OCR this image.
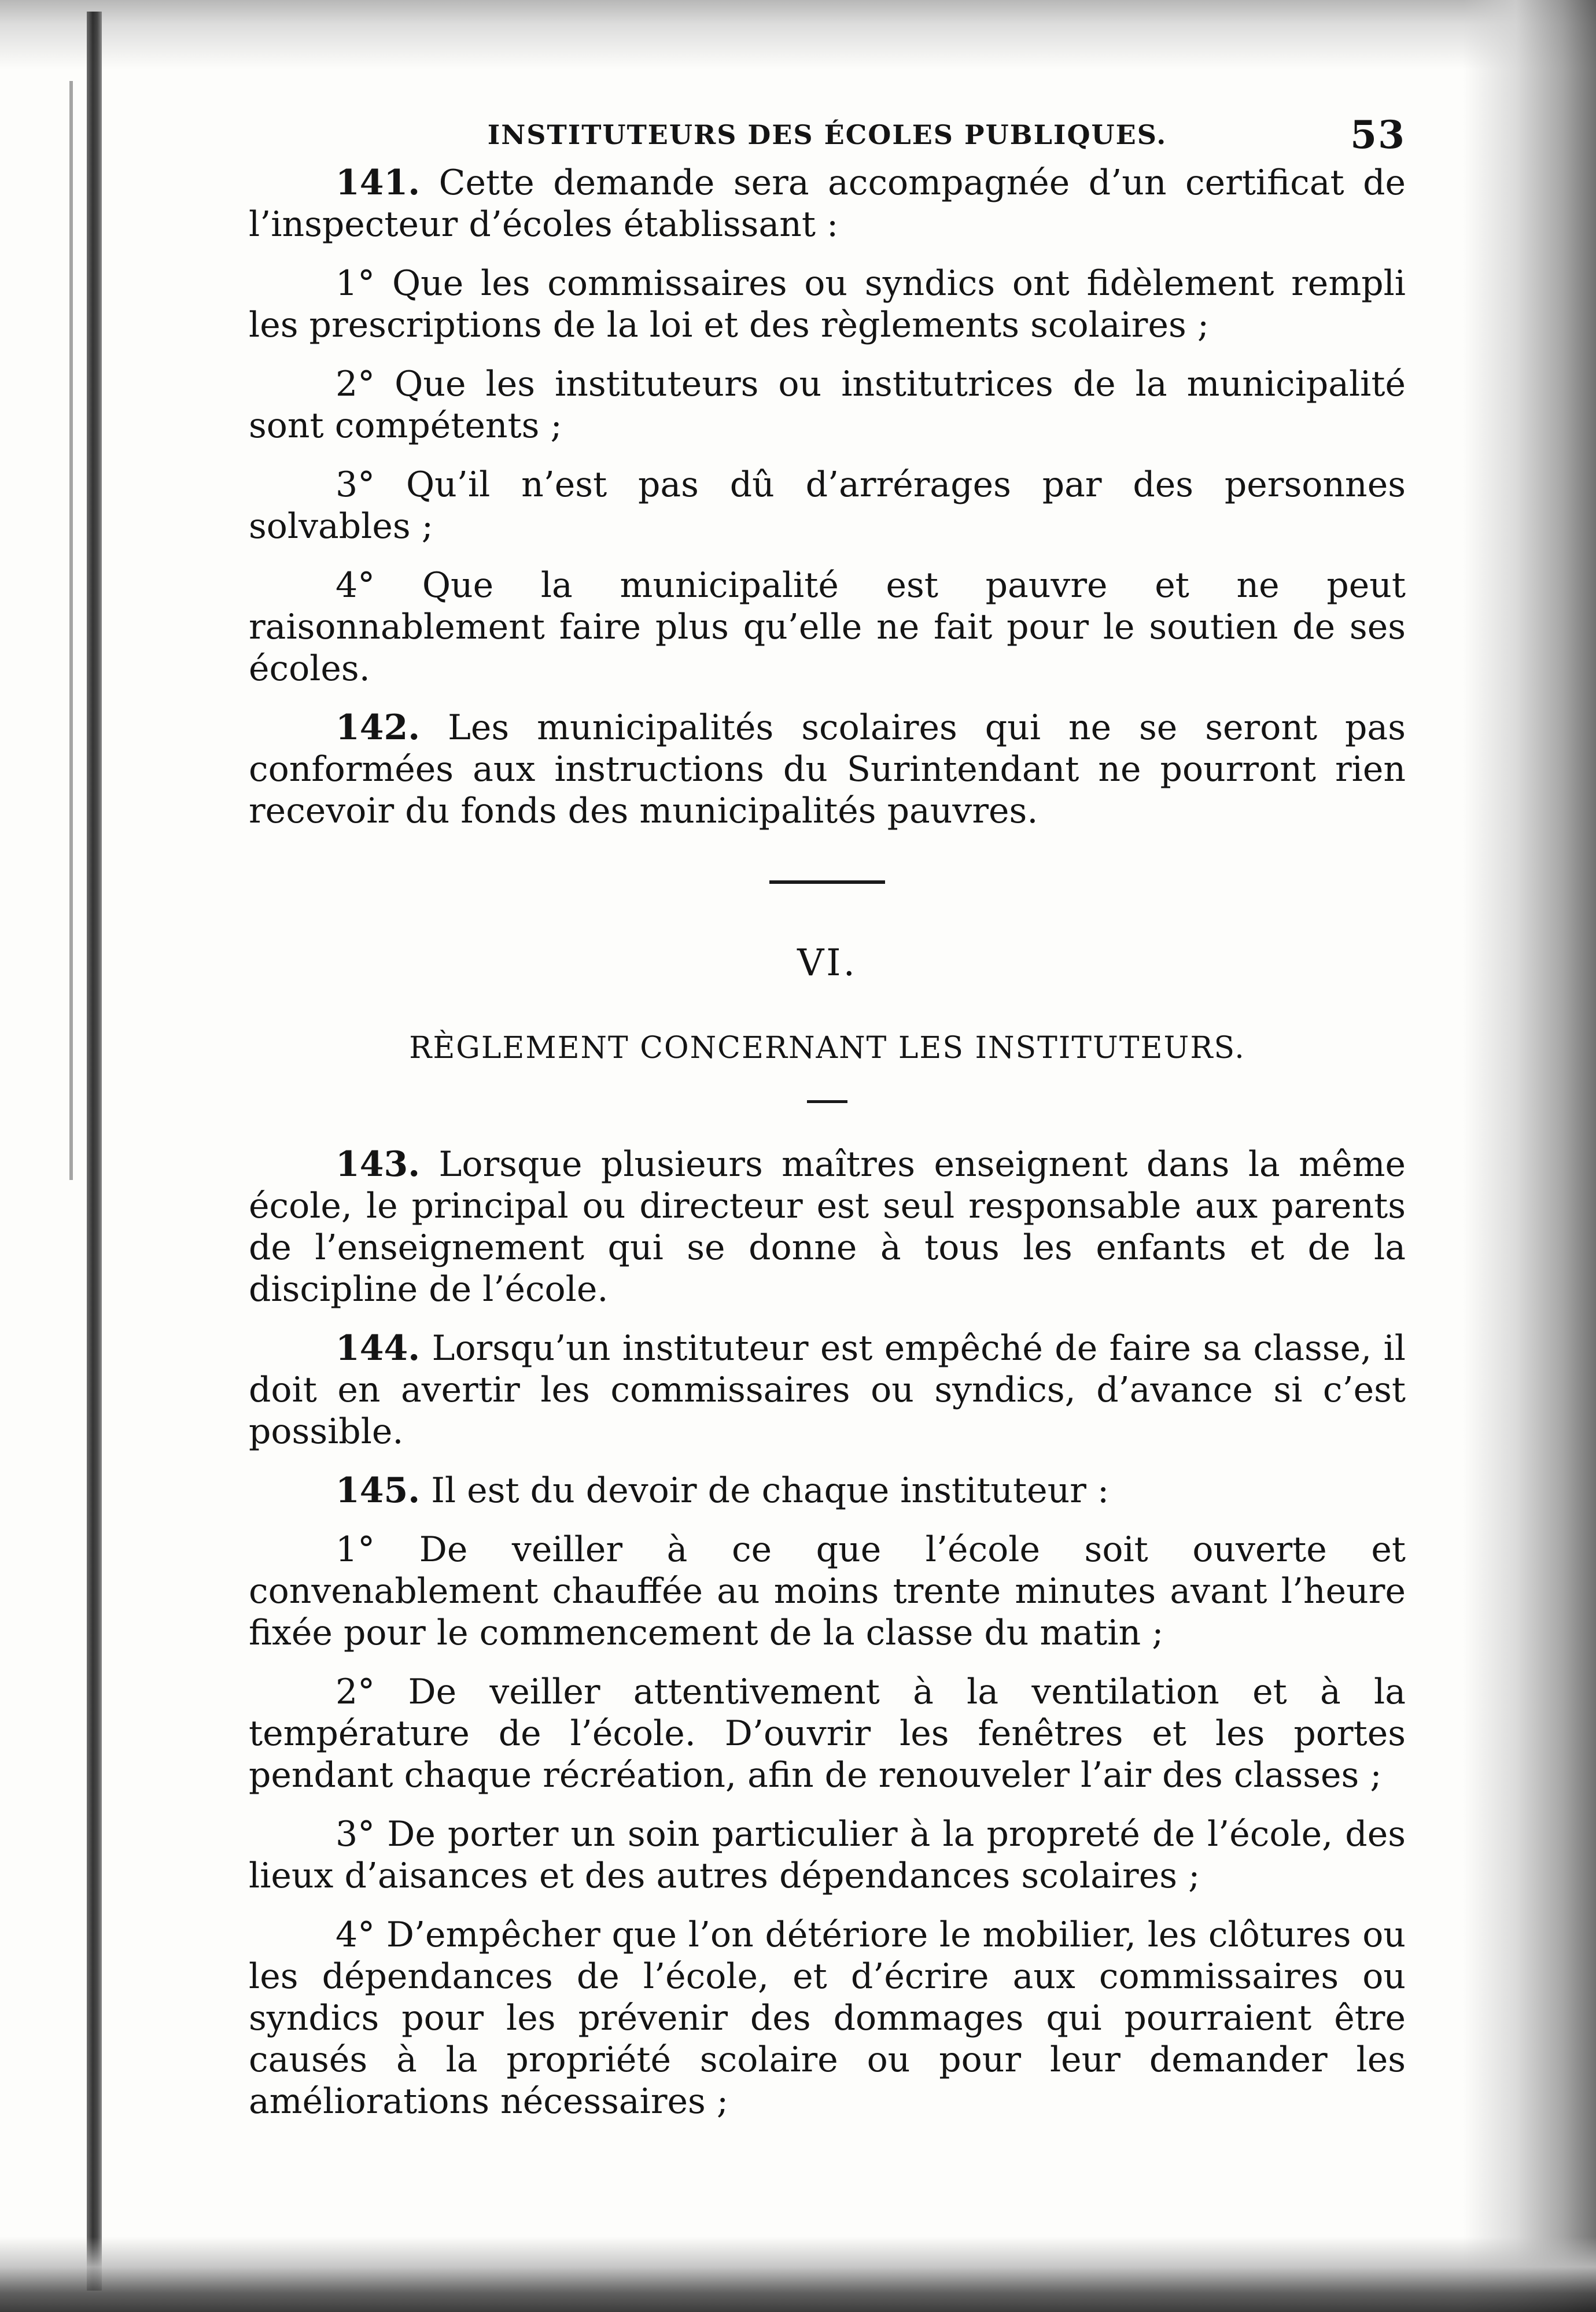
INSTITUTEURS DES ÉCOLES PUBLIQUES.	53

141. Cette demande sera accompagnée d’un certificat de l’inspecteur d’écoles établissant :

1° Que les commissaires ou syndics ont fidèlement rempli les prescriptions de la loi et des règlements scolaires ;

2° Que les instituteurs ou institutrices de la municipalité sont compétents ;

3° Qu’il n’est pas dû d’arrérages par des personnes solvables ;

4° Que la municipalité est pauvre et ne peut raisonnablement faire plus qu’elle ne fait pour le soutien de ses écoles.

142. Les municipalités scolaires qui ne se seront pas conformées aux instructions du Surintendant ne pourront rien recevoir du fonds des municipalités pauvres.

VI.
RÈGLEMENT CONCERNANT LES INSTITUTEURS.

143. Lorsque plusieurs maîtres enseignent dans la même école, le principal ou directeur est seul responsable aux parents de l’enseignement qui se donne à tous les enfants et de la discipline de l’école.

144. Lorsqu’un instituteur est empêché de faire sa classe, il doit en avertir les commissaires ou syndics, d’avance si c’est possible.

145. Il est du devoir de chaque instituteur :

1° De veiller à ce que l’école soit ouverte et convenablement chauffée au moins trente minutes avant l’heure fixée pour le commencement de la classe du matin ;

2° De veiller attentivement à la ventilation et à la température de l’école. D’ouvrir les fenêtres et les portes pendant chaque récréation, afin de renouveler l’air des classes ;

3° De porter un soin particulier à la propreté de l’école, des lieux d’aisances et des autres dépendances scolaires ;

4° D’empêcher que l’on détériore le mobilier, les clôtures ou les dépendances de l’école, et d’écrire aux commissaires ou syndics pour les prévenir des dommages qui pourraient être causés à la propriété scolaire ou pour leur demander les améliorations nécessaires ;
